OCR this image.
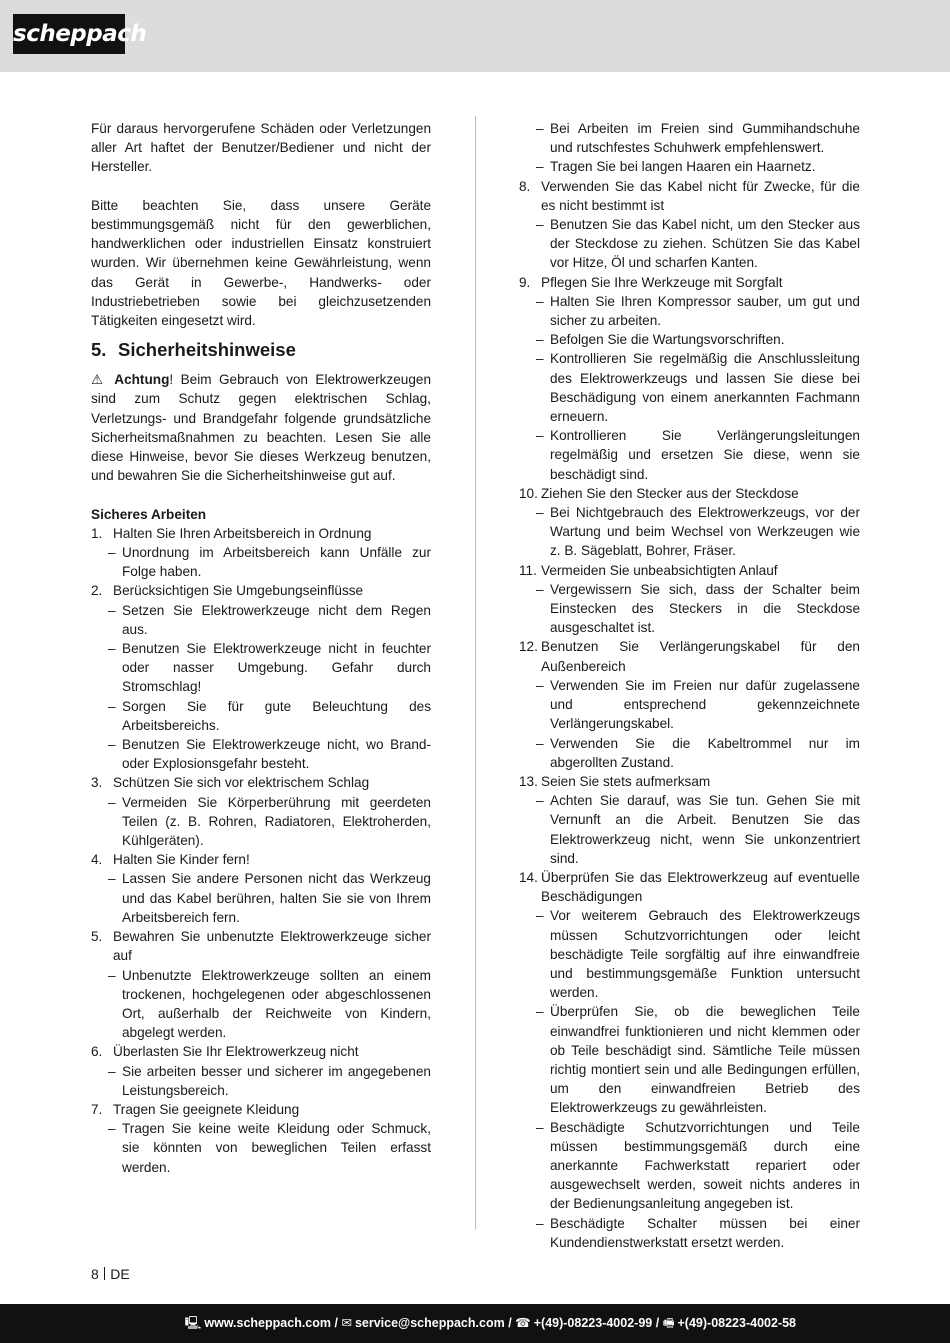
scheppach

Für daraus hervorgerufene Schäden oder Verletzungen aller Art haftet der Benutzer/Bediener und nicht der Hersteller.

Bitte beachten Sie, dass unsere Geräte bestimmungsgemäß nicht für den gewerblichen, handwerklichen oder industriellen Einsatz konstruiert wurden. Wir übernehmen keine Gewährleistung, wenn das Gerät in Gewerbe-, Handwerks- oder Industriebetrieben sowie bei gleichzusetzenden Tätigkeiten eingesetzt wird.

5. Sicherheitshinweise

⚠ Achtung! Beim Gebrauch von Elektrowerkzeugen sind zum Schutz gegen elektrischen Schlag, Verletzungs- und Brandgefahr folgende grundsätzliche Sicherheitsmaßnahmen zu beachten. Lesen Sie alle diese Hinweise, bevor Sie dieses Werkzeug benutzen, und bewahren Sie die Sicherheitshinweise gut auf.

Sicheres Arbeiten
1. Halten Sie Ihren Arbeitsbereich in Ordnung
– Unordnung im Arbeitsbereich kann Unfälle zur Folge haben.
2. Berücksichtigen Sie Umgebungseinflüsse
– Setzen Sie Elektrowerkzeuge nicht dem Regen aus.
– Benutzen Sie Elektrowerkzeuge nicht in feuchter oder nasser Umgebung. Gefahr durch Stromschlag!
– Sorgen Sie für gute Beleuchtung des Arbeitsbereichs.
– Benutzen Sie Elektrowerkzeuge nicht, wo Brand- oder Explosionsgefahr besteht.
3. Schützen Sie sich vor elektrischem Schlag
– Vermeiden Sie Körperberührung mit geerdeten Teilen (z. B. Rohren, Radiatoren, Elektroherden, Kühlgeräten).
4. Halten Sie Kinder fern!
– Lassen Sie andere Personen nicht das Werkzeug und das Kabel berühren, halten Sie sie von Ihrem Arbeitsbereich fern.
5. Bewahren Sie unbenutzte Elektrowerkzeuge sicher auf
– Unbenutzte Elektrowerkzeuge sollten an einem trockenen, hochgelegenen oder abgeschlossenen Ort, außerhalb der Reichweite von Kindern, abgelegt werden.
6. Überlasten Sie Ihr Elektrowerkzeug nicht
– Sie arbeiten besser und sicherer im angegebenen Leistungsbereich.
7. Tragen Sie geeignete Kleidung
– Tragen Sie keine weite Kleidung oder Schmuck, sie könnten von beweglichen Teilen erfasst werden.
– Bei Arbeiten im Freien sind Gummihandschuhe und rutschfestes Schuhwerk empfehlenswert.
– Tragen Sie bei langen Haaren ein Haarnetz.
8. Verwenden Sie das Kabel nicht für Zwecke, für die es nicht bestimmt ist
– Benutzen Sie das Kabel nicht, um den Stecker aus der Steckdose zu ziehen. Schützen Sie das Kabel vor Hitze, Öl und scharfen Kanten.
9. Pflegen Sie Ihre Werkzeuge mit Sorgfalt
– Halten Sie Ihren Kompressor sauber, um gut und sicher zu arbeiten.
– Befolgen Sie die Wartungsvorschriften.
– Kontrollieren Sie regelmäßig die Anschlussleitung des Elektrowerkzeugs und lassen Sie diese bei Beschädigung von einem anerkannten Fachmann erneuern.
– Kontrollieren Sie Verlängerungsleitungen regelmäßig und ersetzen Sie diese, wenn sie beschädigt sind.
10. Ziehen Sie den Stecker aus der Steckdose
– Bei Nichtgebrauch des Elektrowerkzeugs, vor der Wartung und beim Wechsel von Werkzeugen wie z. B. Sägeblatt, Bohrer, Fräser.
11. Vermeiden Sie unbeabsichtigten Anlauf
– Vergewissern Sie sich, dass der Schalter beim Einstecken des Steckers in die Steckdose ausgeschaltet ist.
12. Benutzen Sie Verlängerungskabel für den Außenbereich
– Verwenden Sie im Freien nur dafür zugelassene und entsprechend gekennzeichnete Verlängerungskabel.
– Verwenden Sie die Kabeltrommel nur im abgerollten Zustand.
13. Seien Sie stets aufmerksam
– Achten Sie darauf, was Sie tun. Gehen Sie mit Vernunft an die Arbeit. Benutzen Sie das Elektrowerkzeug nicht, wenn Sie unkonzentriert sind.
14. Überprüfen Sie das Elektrowerkzeug auf eventuelle Beschädigungen
– Vor weiterem Gebrauch des Elektrowerkzeugs müssen Schutzvorrichtungen oder leicht beschädigte Teile sorgfältig auf ihre einwandfreie und bestimmungsgemäße Funktion untersucht werden.
– Überprüfen Sie, ob die beweglichen Teile einwandfrei funktionieren und nicht klemmen oder ob Teile beschädigt sind. Sämtliche Teile müssen richtig montiert sein und alle Bedingungen erfüllen, um den einwandfreien Betrieb des Elektrowerkzeugs zu gewährleisten.
– Beschädigte Schutzvorrichtungen und Teile müssen bestimmungsgemäß durch eine anerkannte Fachwerkstatt repariert oder ausgewechselt werden, soweit nichts anderes in der Bedienungsanleitung angegeben ist.
– Beschädigte Schalter müssen bei einer Kundendienstwerkstatt ersetzt werden.
8 DE
🖳︎ www.scheppach.com / ✉︎ service@scheppach.com / ☎︎ +(49)-08223-4002-99 / 🖷︎ +(49)-08223-4002-58
